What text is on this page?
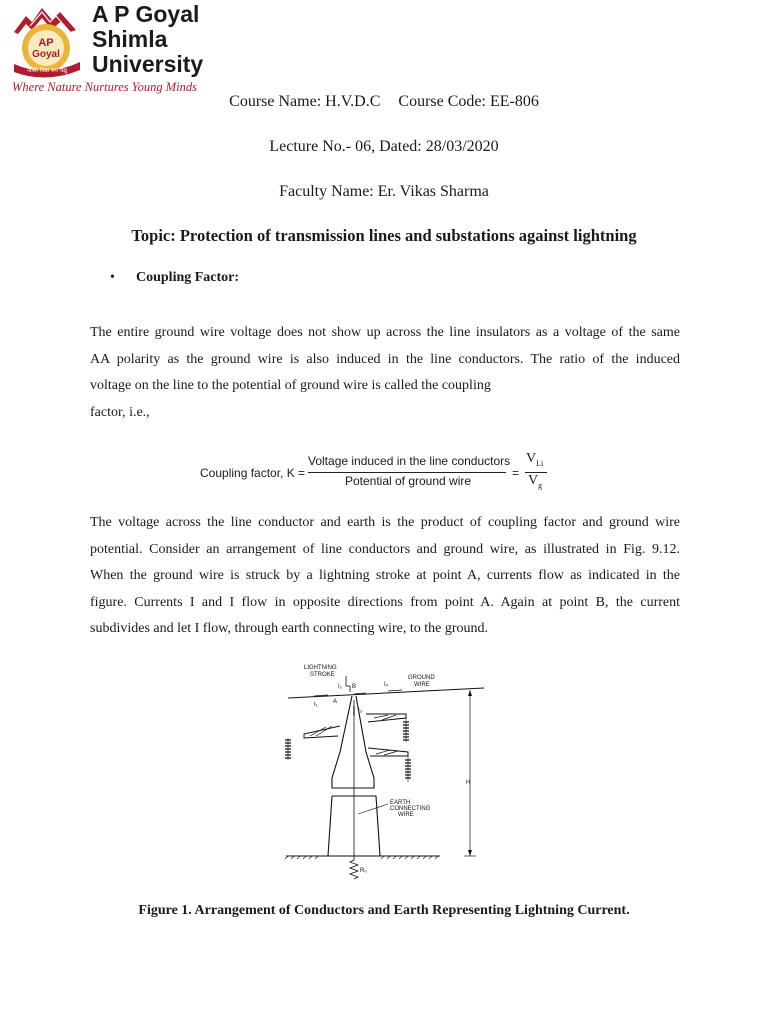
AP
Goyal
नास्ति विद्या सम चक्षु
A P Goyal
Shimla
University
Where Nature Nurtures Young Minds
Course Name: H.V.D.C Course Code: EE-806
Lecture No.- 06, Dated: 28/03/2020
Faculty Name: Er. Vikas Sharma
Topic: Protection of transmission lines and substations against lightning
• Coupling Factor:
The entire ground wire voltage does not show up across the line insulators as a voltage of the same
AA polarity as the ground wire is also induced in the line conductors. The ratio of the induced
voltage on the line to the potential of ground wire is called the coupling
factor, i.e.,
Coupling factor, K =
Voltage induced in the line conductors
Potential of ground wire
=
$V_{Li}$
$V_g$
The voltage across the line conductor and earth is the product of coupling factor and ground wire
potential. Consider an arrangement of line conductors and ground wire, as illustrated in Fig. 9.12.
When the ground wire is struck by a lightning stroke at point A, currents flow as indicated in the
figure. Currents I and I flow in opposite directions from point A. Again at point B, the current
subdivides and let I flow, through earth connecting wire, to the ground.
LIGHTNING
STROKE	GROUND
WIRE
A
B
I₁
I₂
I₃
I₄
H
EARTH
CONNECTING
WIRE
R₀
Figure 1. Arrangement of Conductors and Earth Representing Lightning Current.
